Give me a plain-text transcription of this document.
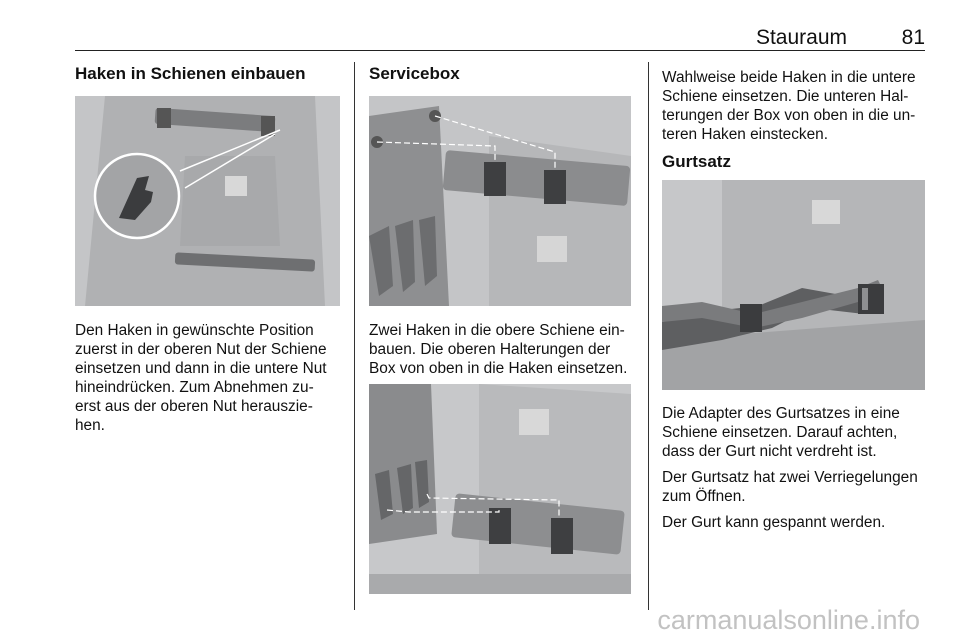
Stauraum	81
Haken in Schienen einbauen

Den Haken in gewünschte Position

zuerst in der oberen Nut der Schiene

einsetzen und dann in die untere Nut

hineindrücken. Zum Abnehmen zu-

erst aus der oberen Nut herauszie-

hen.

Servicebox

Zwei Haken in die obere Schiene ein-

bauen. Die oberen Halterungen der

Box von oben in die Haken einsetzen.

Wahlweise beide Haken in die untere

Schiene einsetzen. Die unteren Hal-

terungen der Box von oben in die un-

teren Haken einstecken.

Gurtsatz

Die Adapter des Gurtsatzes in eine

Schiene einsetzen. Darauf achten,

dass der Gurt nicht verdreht ist.

Der Gurtsatz hat zwei Verriegelungen

zum Öffnen.

Der Gurt kann gespannt werden.

carmanualsonline.info
